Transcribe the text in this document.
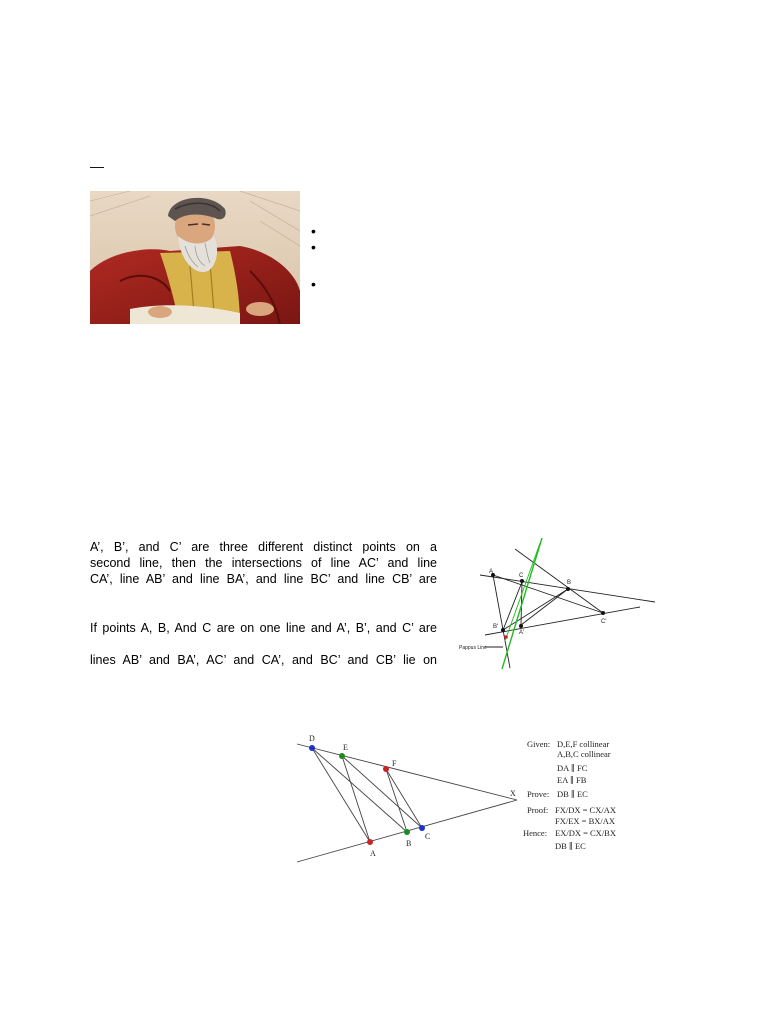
—
•
•
•
A’, B’, and C’ are three different distinct points on a
second line, then the intersections of line AC’ and line
CA’, line AB’ and line BA’, and line BC’ and line CB’ are
If points A, B, And C are on one line and A’, B’, and C’ are
lines AB’ and BA’, AC’ and CA’, and BC’ and CB’ lie on
A
C
B
B'
A'
C'
Pappus Line
D
E
F
X
A
B
C
Given: D,E,F collinear
A,B,C collinear
DA ∥ FC
EA ∥ FB
Prove: DB ∥ EC
Proof: FX/DX = CX/AX
FX/EX = BX/AX
Hence: EX/DX = CX/BX
DB ∥ EC
